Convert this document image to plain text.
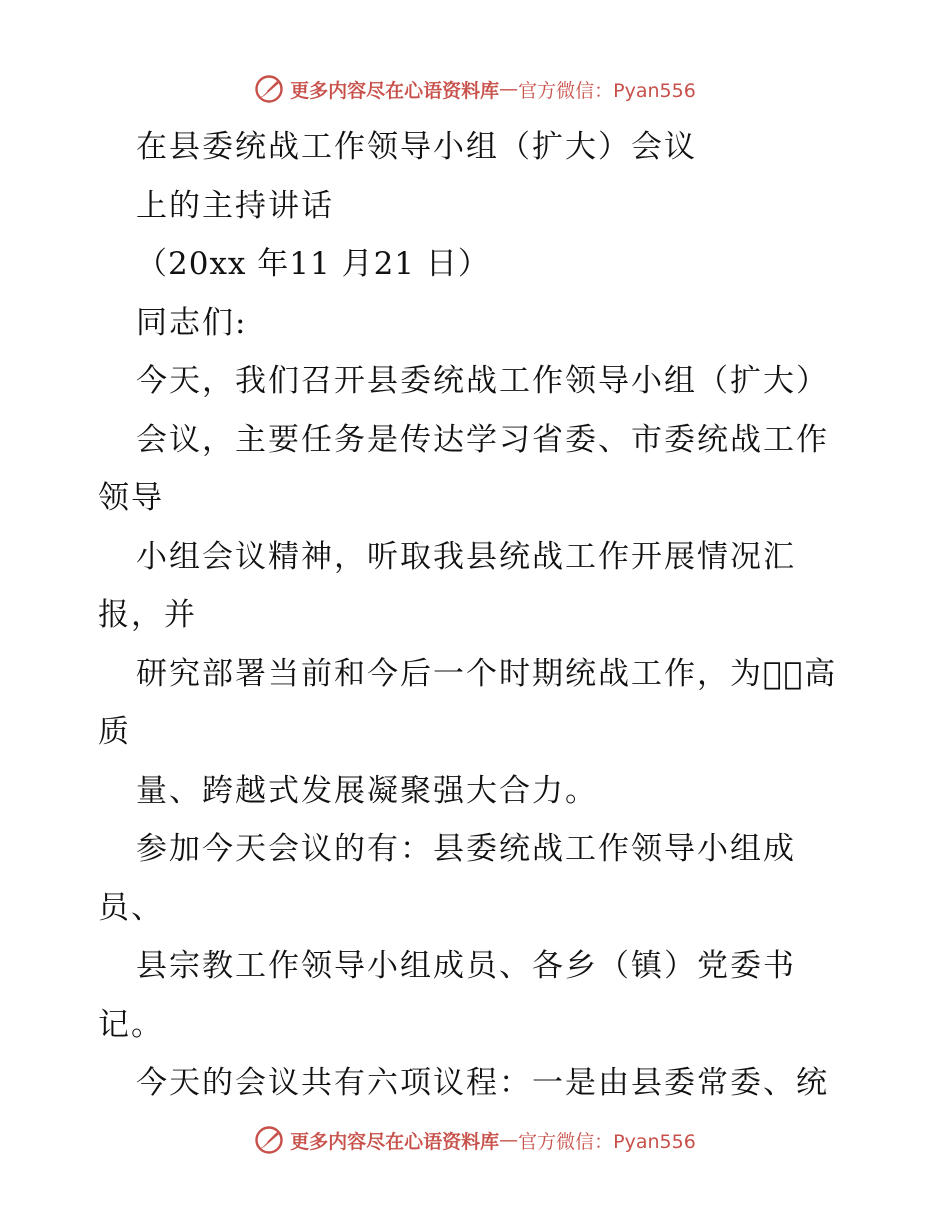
更多内容尽在心语资料库 — 官方微信：Pyan556
在县委统战工作领导小组（扩大）会议
上的主持讲话
（20xx 年11 月21 日）
同志们:
今天，我们召开县委统战工作领导小组（扩大）
会议，主要任务是传达学习省委、市委统战工作
领导
小组会议精神，听取我县统战工作开展情况汇
报，并
研究部署当前和今后一个时期统战工作，为￾￾高
质
量、跨越式发展凝聚强大合力。
参加今天会议的有：县委统战工作领导小组成
员、
县宗教工作领导小组成员、各乡（镇）党委书
记。
今天的会议共有六项议程：一是由县委常委、统
更多内容尽在心语资料库 — 官方微信：Pyan556
